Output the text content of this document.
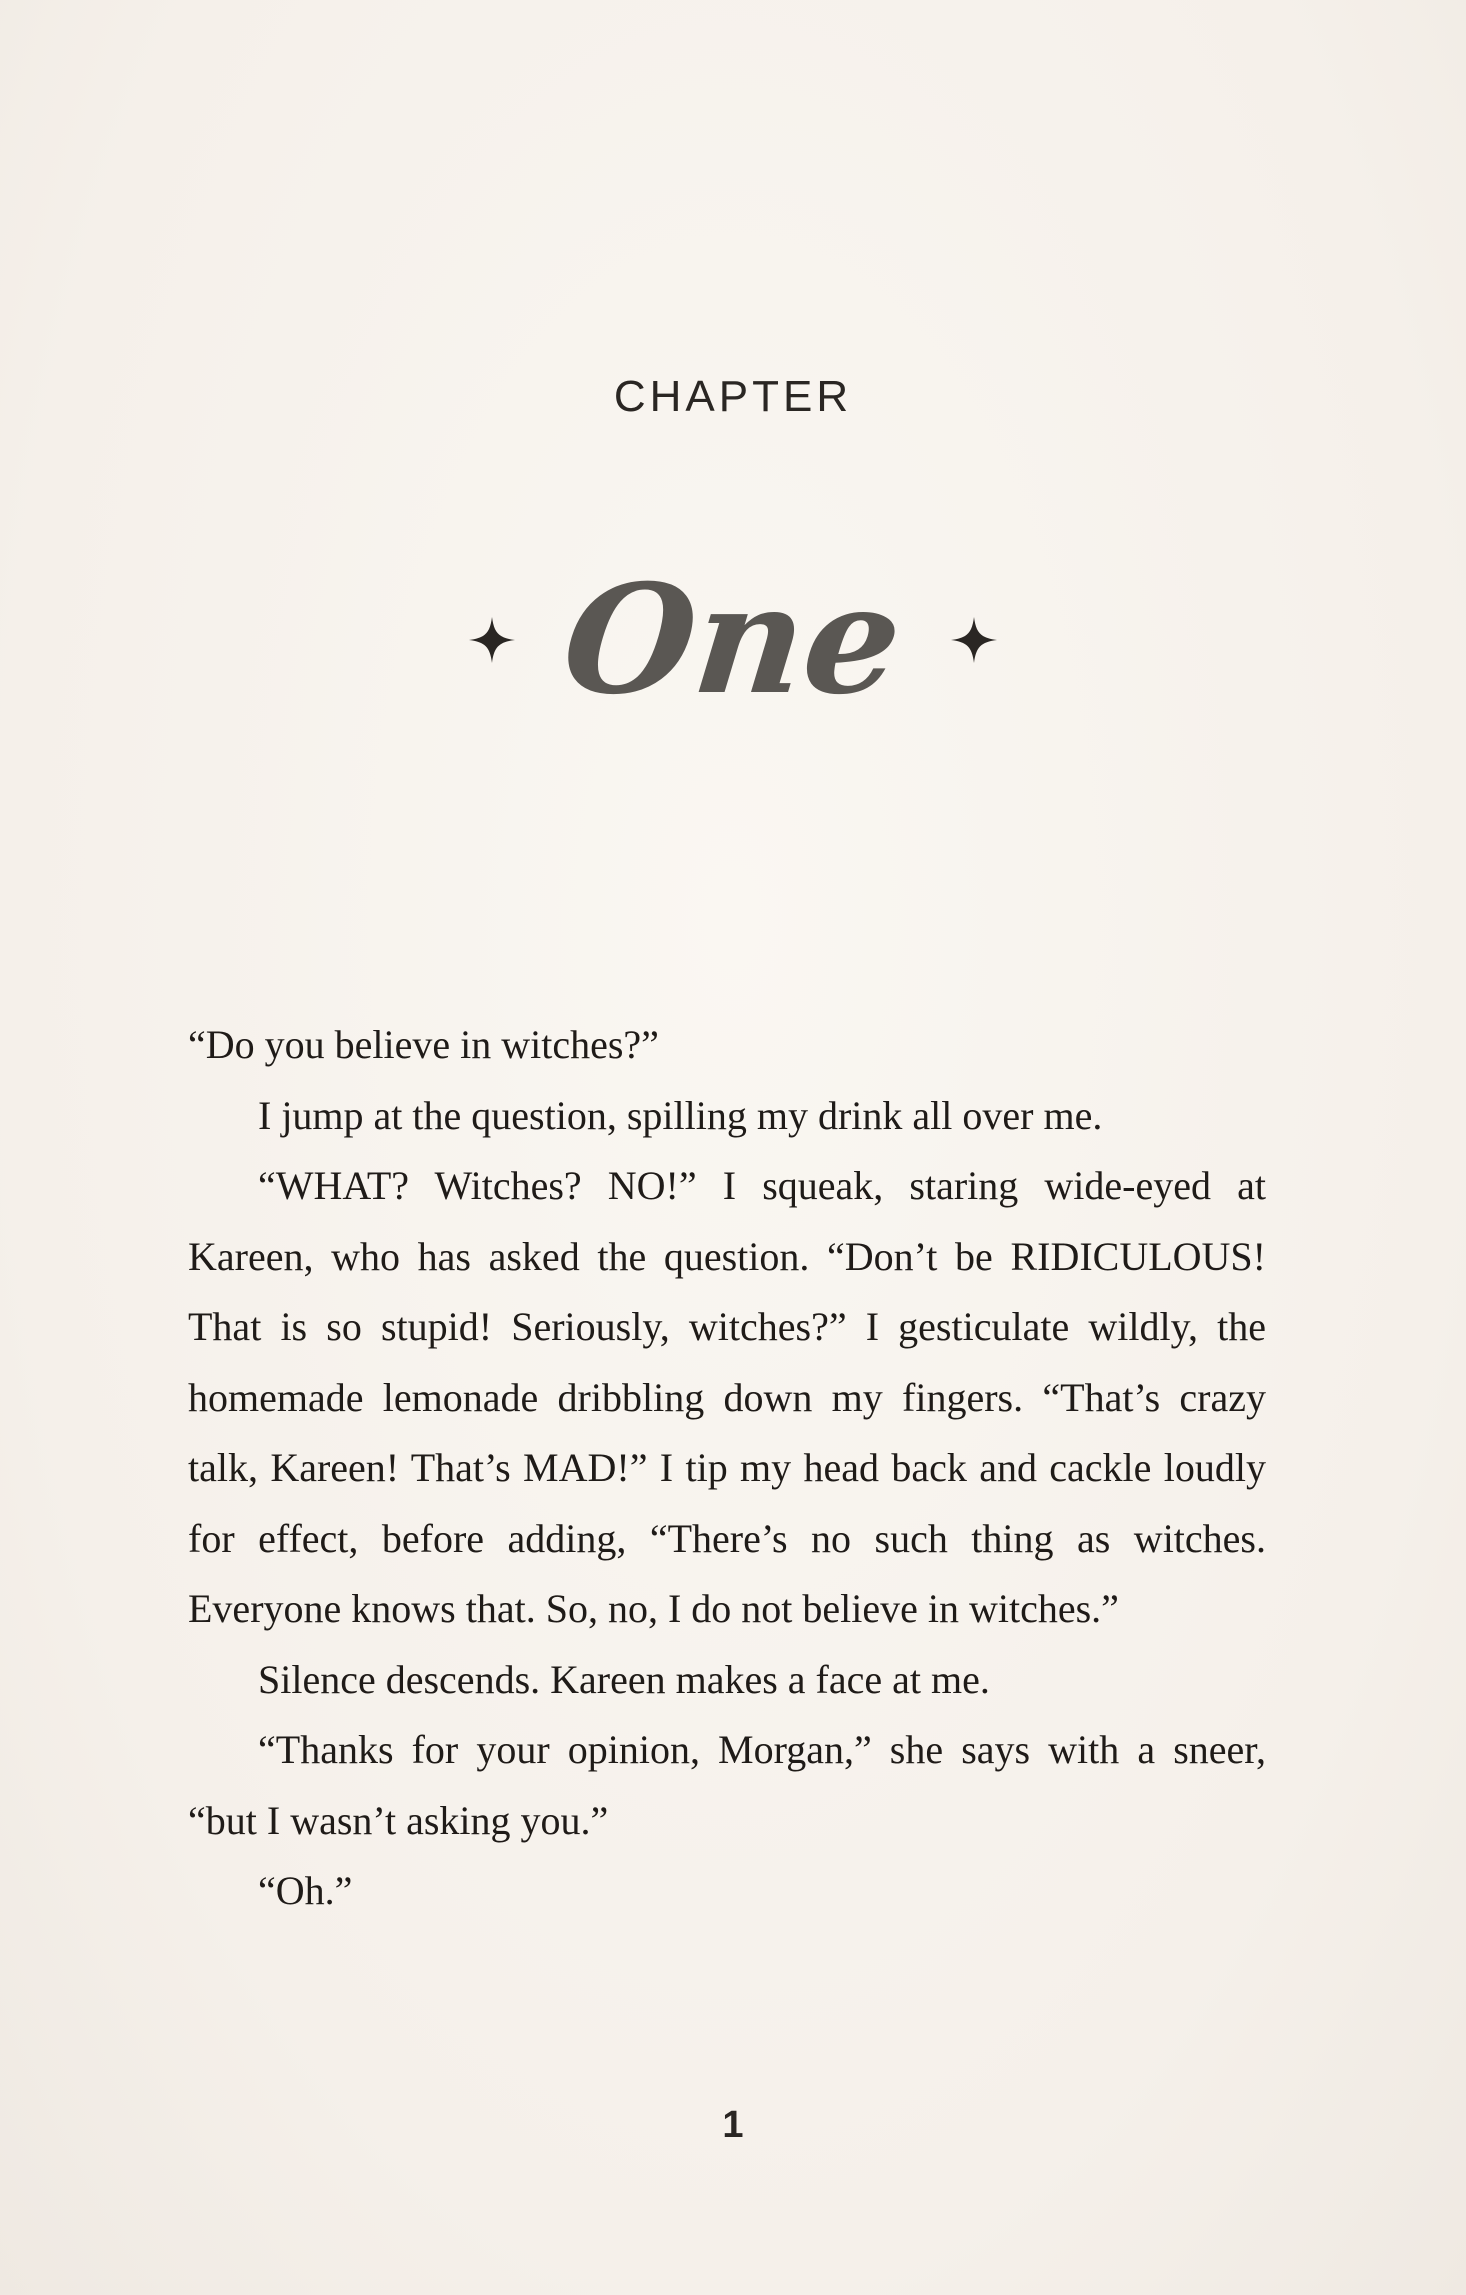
CHAPTER
One

“Do you believe in witches?”

I jump at the question, spilling my drink all over me.

“WHAT? Witches? NO!” I squeak, staring wide-eyed at Kareen, who has asked the question. “Don’t be RIDICULOUS! That is so stupid! Seriously, witches?” I gesticulate wildly, the homemade lemonade dribbling down my fingers. “That’s crazy talk, Kareen! That’s MAD!” I tip my head back and cackle loudly for effect, before adding, “There’s no such thing as witches. Everyone knows that. So, no, I do not believe in witches.”

Silence descends. Kareen makes a face at me.

“Thanks for your opinion, Morgan,” she says with a sneer, “but I wasn’t asking you.”

“Oh.”

1
